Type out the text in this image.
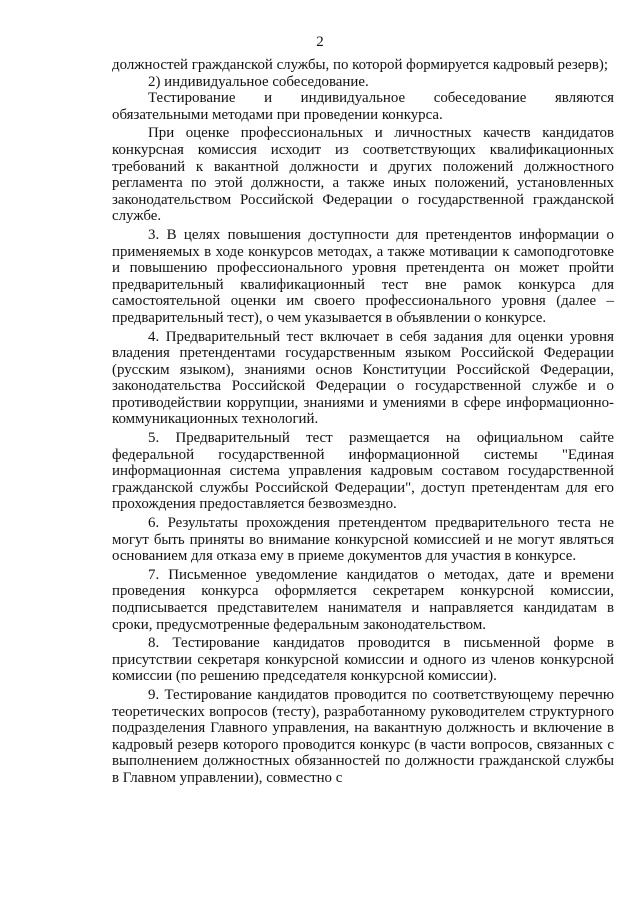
2

должностей гражданской службы, по которой формируется кадровый резерв);

2) индивидуальное собеседование.

Тестирование и индивидуальное собеседование являются обязательными методами при проведении конкурса.

При оценке профессиональных и личностных качеств кандидатов конкурсная комиссия исходит из соответствующих квалификационных требований к вакантной должности и других положений должностного регламента по этой должности, а также иных положений, установленных законодательством Российской Федерации о государственной гражданской службе.

3. В целях повышения доступности для претендентов информации о применяемых в ходе конкурсов методах, а также мотивации к самоподготовке и повышению профессионального уровня претендента он может пройти предварительный квалификационный тест вне рамок конкурса для самостоятельной оценки им своего профессионального уровня (далее – предварительный тест), о чем указывается в объявлении о конкурсе.

4. Предварительный тест включает в себя задания для оценки уровня владения претендентами государственным языком Российской Федерации (русским языком), знаниями основ Конституции Российской Федерации, законодательства Российской Федерации о государственной службе и о противодействии коррупции, знаниями и умениями в сфере информационно-коммуникационных технологий.

5. Предварительный тест размещается на официальном сайте федеральной государственной информационной системы "Единая информационная система управления кадровым составом государственной гражданской службы Российской Федерации", доступ претендентам для его прохождения предоставляется безвозмездно.

6. Результаты прохождения претендентом предварительного теста не могут быть приняты во внимание конкурсной комиссией и не могут являться основанием для отказа ему в приеме документов для участия в конкурсе.

7. Письменное уведомление кандидатов о методах, дате и времени проведения конкурса оформляется секретарем конкурсной комиссии, подписывается представителем нанимателя и направляется кандидатам в сроки, предусмотренные федеральным законодательством.

8. Тестирование кандидатов проводится в письменной форме в присутствии секретаря конкурсной комиссии и одного из членов конкурсной комиссии (по решению председателя конкурсной комиссии).

9. Тестирование кандидатов проводится по соответствующему перечню теоретических вопросов (тесту), разработанному руководителем структурного подразделения Главного управления, на вакантную должность и включение в кадровый резерв которого проводится конкурс (в части вопросов, связанных с выполнением должностных обязанностей по должности гражданской службы в Главном управлении), совместно с
